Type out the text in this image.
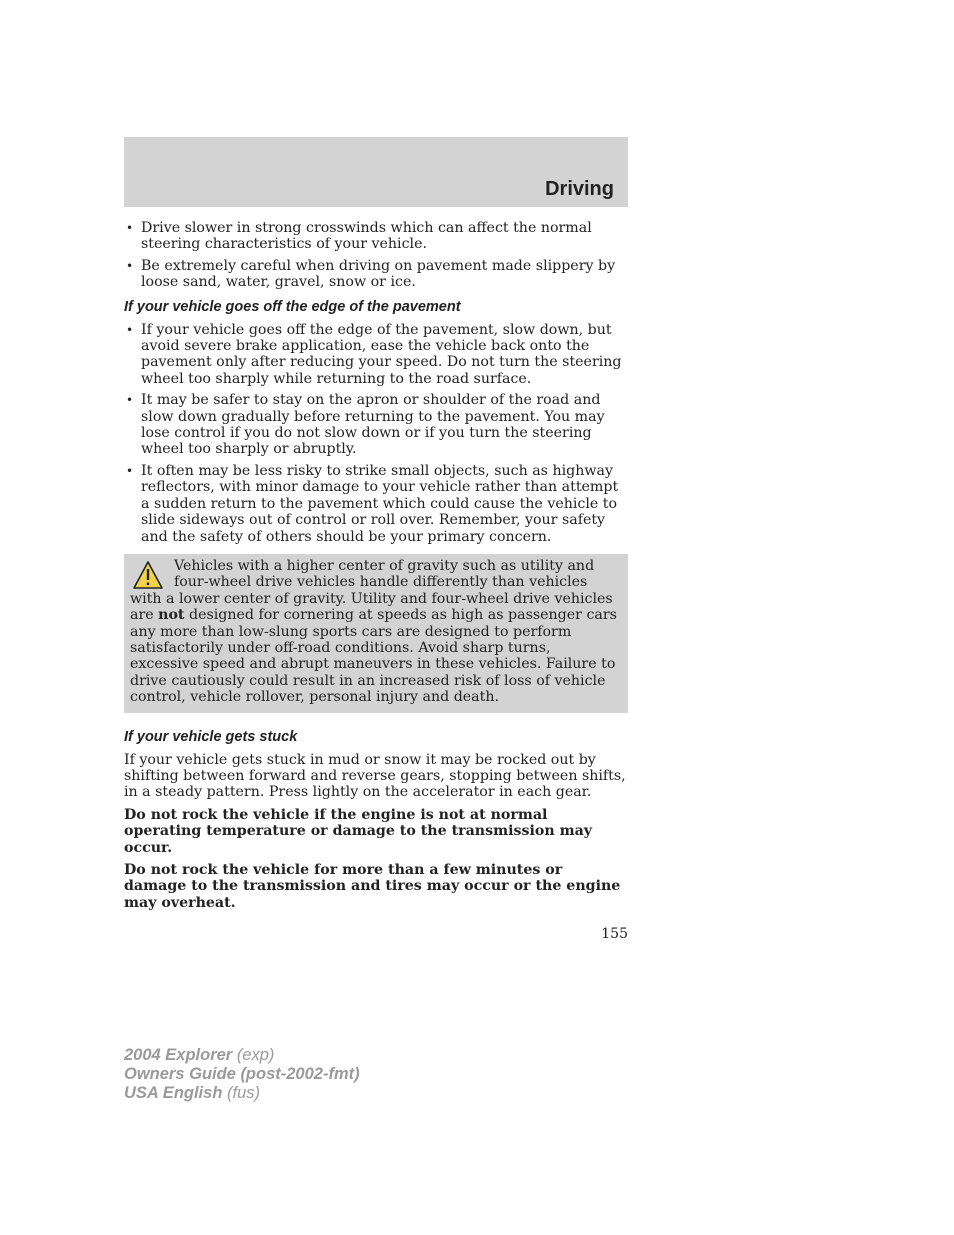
Driving
• Drive slower in strong crosswinds which can affect the normal steering characteristics of your vehicle.
• Be extremely careful when driving on pavement made slippery by loose sand, water, gravel, snow or ice.
If your vehicle goes off the edge of the pavement
• If your vehicle goes off the edge of the pavement, slow down, but avoid severe brake application, ease the vehicle back onto the pavement only after reducing your speed. Do not turn the steering wheel too sharply while returning to the road surface.
• It may be safer to stay on the apron or shoulder of the road and slow down gradually before returning to the pavement. You may lose control if you do not slow down or if you turn the steering wheel too sharply or abruptly.
• It often may be less risky to strike small objects, such as highway reflectors, with minor damage to your vehicle rather than attempt a sudden return to the pavement which could cause the vehicle to slide sideways out of control or roll over. Remember, your safety and the safety of others should be your primary concern.

Vehicles with a higher center of gravity such as utility and four-wheel drive vehicles handle differently than vehicles with a lower center of gravity. Utility and four-wheel drive vehicles are not designed for cornering at speeds as high as passenger cars any more than low-slung sports cars are designed to perform satisfactorily under off-road conditions. Avoid sharp turns, excessive speed and abrupt maneuvers in these vehicles. Failure to drive cautiously could result in an increased risk of loss of vehicle control, vehicle rollover, personal injury and death.

If your vehicle gets stuck

If your vehicle gets stuck in mud or snow it may be rocked out by shifting between forward and reverse gears, stopping between shifts, in a steady pattern. Press lightly on the accelerator in each gear.

Do not rock the vehicle if the engine is not at normal operating temperature or damage to the transmission may occur.

Do not rock the vehicle for more than a few minutes or damage to the transmission and tires may occur or the engine may overheat.

155
2004 Explorer (exp)
Owners Guide (post-2002-fmt)
USA English (fus)
